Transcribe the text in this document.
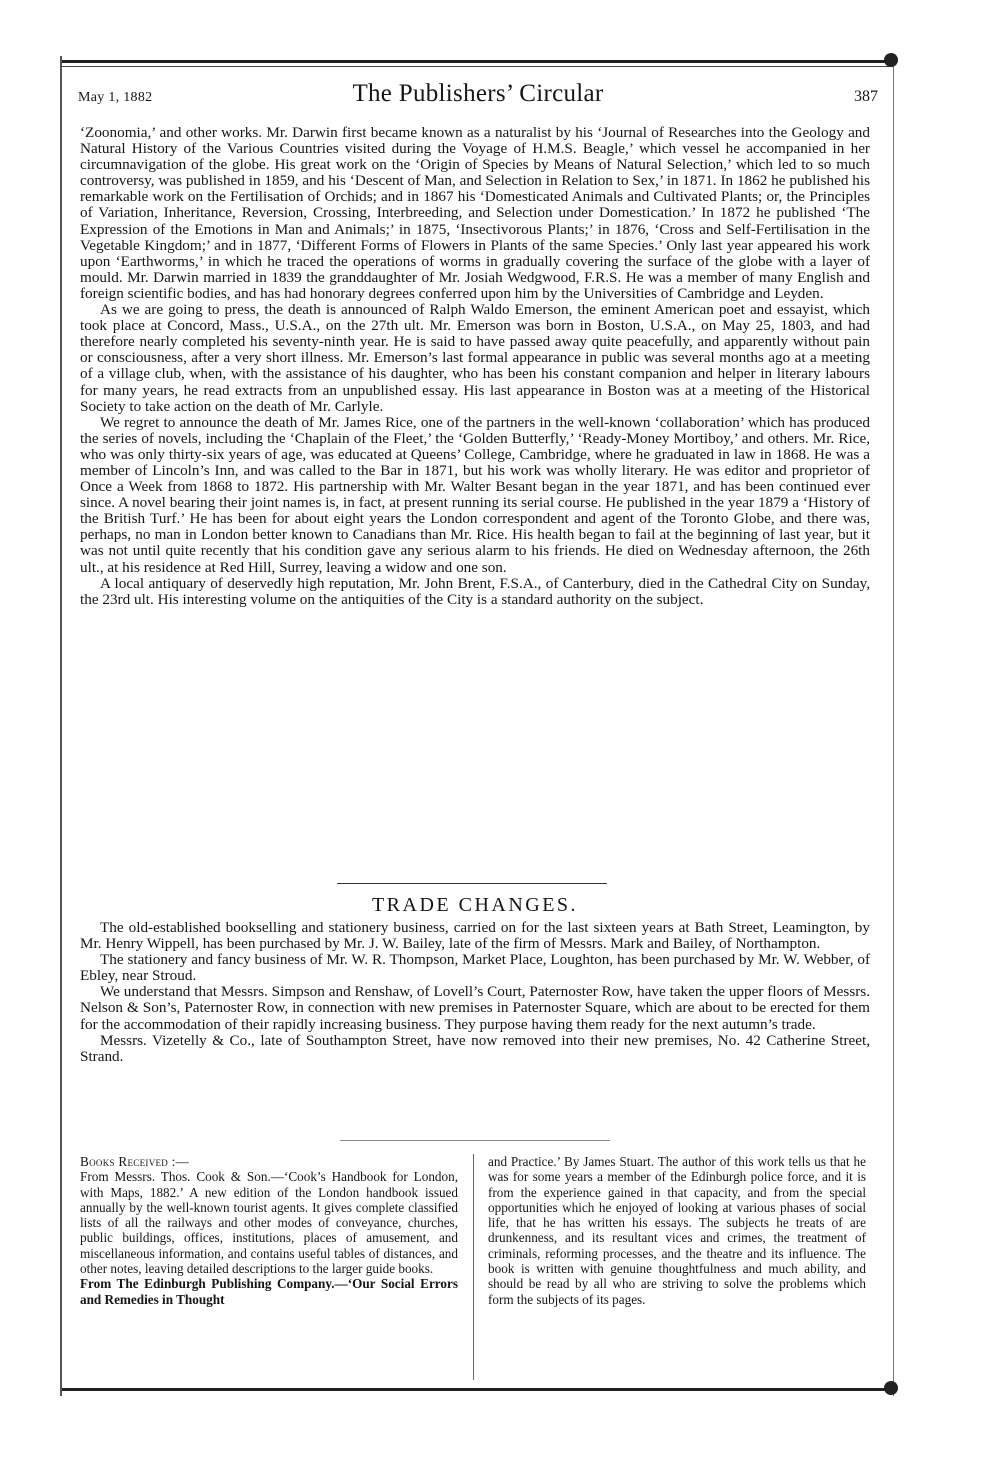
May 1, 1882	The Publishers’ Circular	387

‘Zoonomia,’ and other works. Mr. Darwin first became known as a naturalist by his ‘Journal of Researches into the Geology and Natural History of the Various Countries visited during the Voyage of H.M.S. Beagle,’ which vessel he accompanied in her circumnavigation of the globe. His great work on the ‘Origin of Species by Means of Natural Selection,’ which led to so much controversy, was published in 1859, and his ‘Descent of Man, and Selection in Relation to Sex,’ in 1871. In 1862 he published his remarkable work on the Fertilisation of Orchids; and in 1867 his ‘Domesticated Animals and Cultivated Plants; or, the Principles of Variation, Inheritance, Reversion, Crossing, Interbreeding, and Selection under Domestication.’ In 1872 he published ‘The Expression of the Emotions in Man and Animals;’ in 1875, ‘Insectivorous Plants;’ in 1876, ‘Cross and Self-Fertilisation in the Vegetable Kingdom;’ and in 1877, ‘Different Forms of Flowers in Plants of the same Species.’ Only last year appeared his work upon ‘Earthworms,’ in which he traced the operations of worms in gradually covering the surface of the globe with a layer of mould. Mr. Darwin married in 1839 the granddaughter of Mr. Josiah Wedgwood, F.R.S. He was a member of many English and foreign scientific bodies, and has had honorary degrees conferred upon him by the Universities of Cambridge and Leyden.

As we are going to press, the death is announced of Ralph Waldo Emerson, the eminent American poet and essayist, which took place at Concord, Mass., U.S.A., on the 27th ult. Mr. Emerson was born in Boston, U.S.A., on May 25, 1803, and had therefore nearly completed his seventy-ninth year. He is said to have passed away quite peacefully, and apparently without pain or consciousness, after a very short illness. Mr. Emerson’s last formal appearance in public was several months ago at a meeting of a village club, when, with the assistance of his daughter, who has been his constant companion and helper in literary labours for many years, he read extracts from an unpublished essay. His last appearance in Boston was at a meeting of the Historical Society to take action on the death of Mr. Carlyle.

We regret to announce the death of Mr. James Rice, one of the partners in the well-known ‘collaboration’ which has produced the series of novels, including the ‘Chaplain of the Fleet,’ the ‘Golden Butterfly,’ ‘Ready-Money Mortiboy,’ and others. Mr. Rice, who was only thirty-six years of age, was educated at Queens’ College, Cambridge, where he graduated in law in 1868. He was a member of Lincoln’s Inn, and was called to the Bar in 1871, but his work was wholly literary. He was editor and proprietor of Once a Week from 1868 to 1872. His partnership with Mr. Walter Besant began in the year 1871, and has been continued ever since. A novel bearing their joint names is, in fact, at present running its serial course. He published in the year 1879 a ‘History of the British Turf.’ He has been for about eight years the London correspondent and agent of the Toronto Globe, and there was, perhaps, no man in London better known to Canadians than Mr. Rice. His health began to fail at the beginning of last year, but it was not until quite recently that his condition gave any serious alarm to his friends. He died on Wednesday afternoon, the 26th ult., at his residence at Red Hill, Surrey, leaving a widow and one son.

A local antiquary of deservedly high reputation, Mr. John Brent, F.S.A., of Canterbury, died in the Cathedral City on Sunday, the 23rd ult. His interesting volume on the antiquities of the City is a standard authority on the subject.

TRADE CHANGES.

The old-established bookselling and stationery business, carried on for the last sixteen years at Bath Street, Leamington, by Mr. Henry Wippell, has been purchased by Mr. J. W. Bailey, late of the firm of Messrs. Mark and Bailey, of Northampton.

The stationery and fancy business of Mr. W. R. Thompson, Market Place, Loughton, has been purchased by Mr. W. Webber, of Ebley, near Stroud.

We understand that Messrs. Simpson and Renshaw, of Lovell’s Court, Paternoster Row, have taken the upper floors of Messrs. Nelson & Son’s, Paternoster Row, in connection with new premises in Paternoster Square, which are about to be erected for them for the accommodation of their rapidly increasing business. They purpose having them ready for the next autumn’s trade.

Messrs. Vizetelly & Co., late of Southampton Street, have now removed into their new premises, No. 42 Catherine Street, Strand.

Books Received :—

From Messrs. Thos. Cook & Son.—‘Cook’s Handbook for London, with Maps, 1882.’ A new edition of the London handbook issued annually by the well-known tourist agents. It gives complete classified lists of all the railways and other modes of conveyance, churches, public buildings, offices, institutions, places of amusement, and miscellaneous information, and contains useful tables of distances, and other notes, leaving detailed descriptions to the larger guide books.

From The Edinburgh Publishing Company.—‘Our Social Errors and Remedies in Thought

and Practice.’ By James Stuart. The author of this work tells us that he was for some years a member of the Edinburgh police force, and it is from the experience gained in that capacity, and from the special opportunities which he enjoyed of looking at various phases of social life, that he has written his essays. The subjects he treats of are drunkenness, and its resultant vices and crimes, the treatment of criminals, reforming processes, and the theatre and its influence. The book is written with genuine thoughtfulness and much ability, and should be read by all who are striving to solve the problems which form the subjects of its pages.
